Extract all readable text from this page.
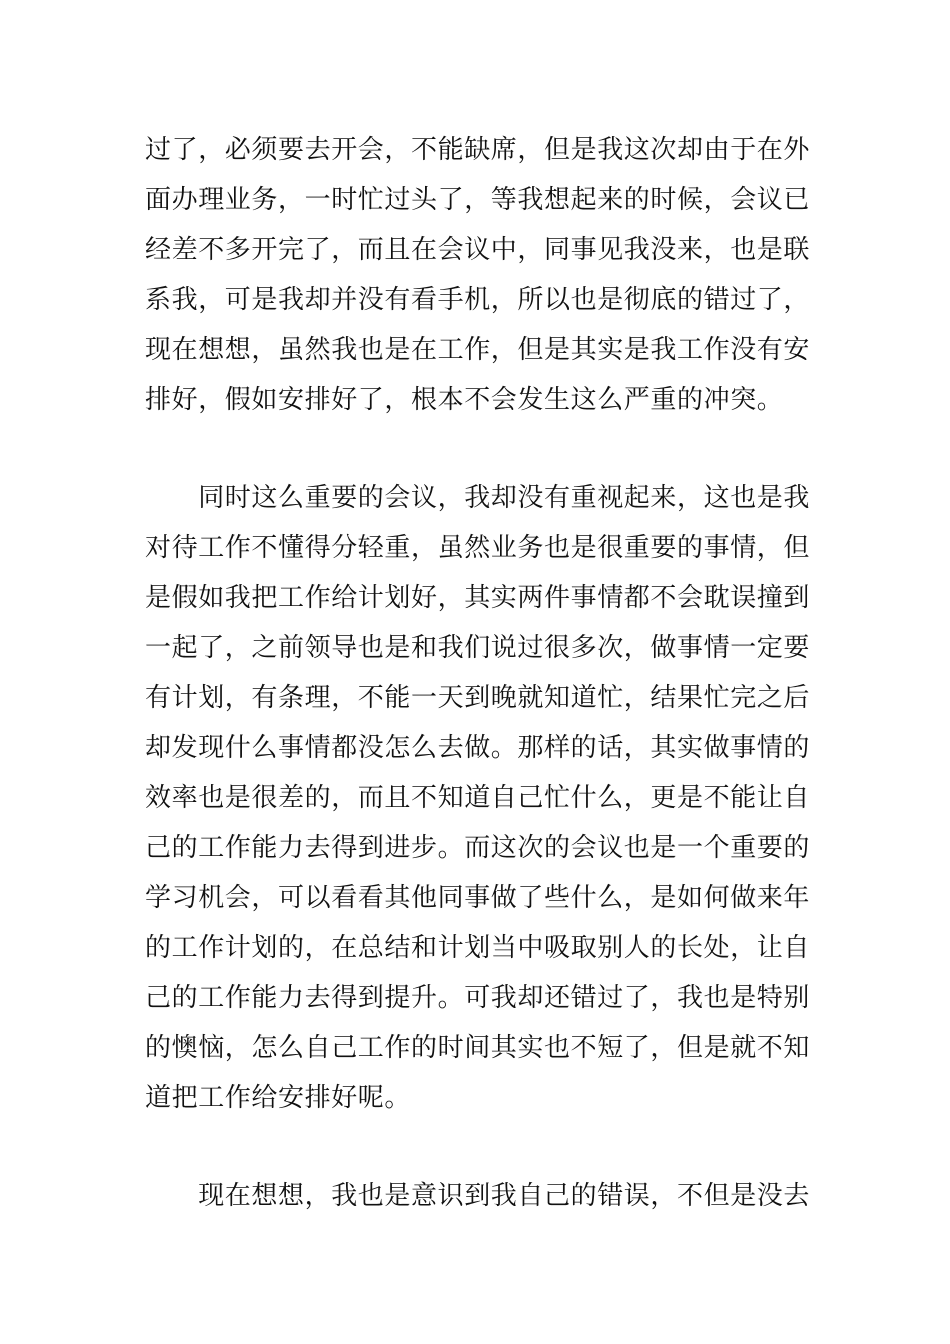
过了，必须要去开会，不能缺席，但是我这次却由于在外
面办理业务，一时忙过头了，等我想起来的时候，会议已
经差不多开完了，而且在会议中，同事见我没来，也是联
系我，可是我却并没有看手机，所以也是彻底的错过了，
现在想想，虽然我也是在工作，但是其实是我工作没有安
排好，假如安排好了，根本不会发生这么严重的冲突。

　　同时这么重要的会议，我却没有重视起来，这也是我
对待工作不懂得分轻重，虽然业务也是很重要的事情，但
是假如我把工作给计划好，其实两件事情都不会耽误撞到
一起了，之前领导也是和我们说过很多次，做事情一定要
有计划，有条理，不能一天到晚就知道忙，结果忙完之后
却发现什么事情都没怎么去做。那样的话，其实做事情的
效率也是很差的，而且不知道自己忙什么，更是不能让自
己的工作能力去得到进步。而这次的会议也是一个重要的
学习机会，可以看看其他同事做了些什么，是如何做来年
的工作计划的，在总结和计划当中吸取别人的长处，让自
己的工作能力去得到提升。可我却还错过了，我也是特别
的懊恼，怎么自己工作的时间其实也不短了，但是就不知
道把工作给安排好呢。

　　现在想想，我也是意识到我自己的错误，不但是没去
